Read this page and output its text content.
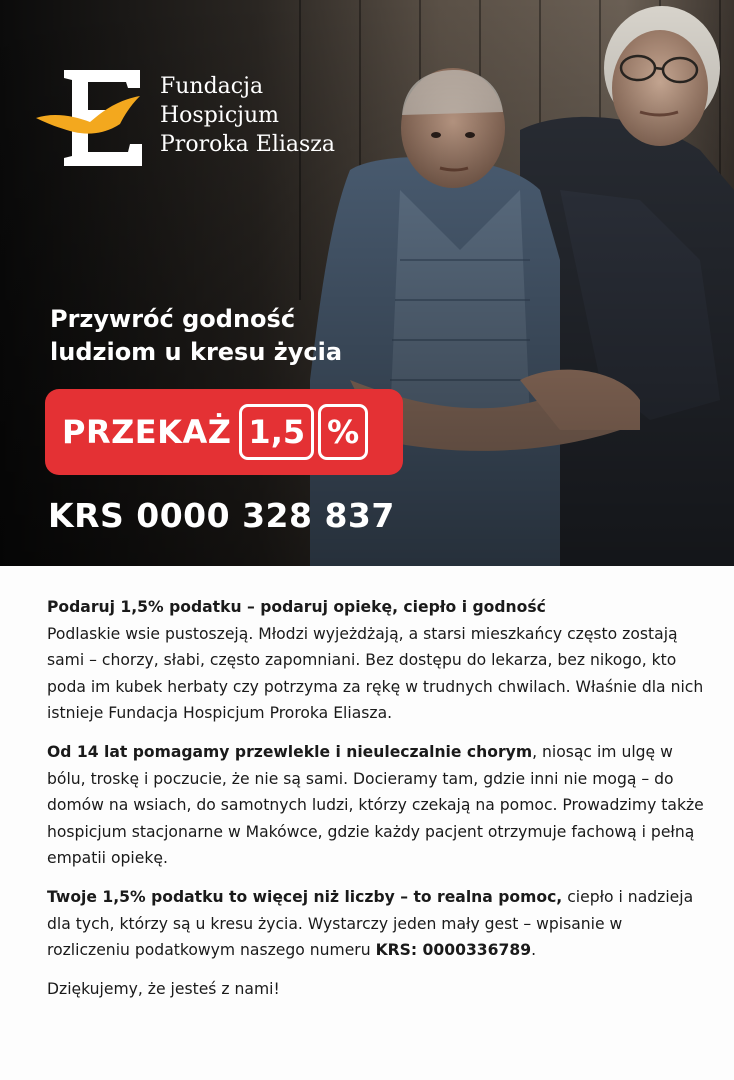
Fundacja
Hospicjum
Proroka Eliasza
Przywróć godność
ludziom u kresu życia
PRZEKAŻ 1,5 %
KRS 0000 328 837

Podaruj 1,5% podatku – podaruj opiekę, ciepło i godność
Podlaskie wsie pustoszeją. Młodzi wyjeżdżają, a starsi mieszkańcy często zostają sami – chorzy, słabi, często zapomniani. Bez dostępu do lekarza, bez nikogo, kto poda im kubek herbaty czy potrzyma za rękę w trudnych chwilach. Właśnie dla nich istnieje Fundacja Hospicjum Proroka Eliasza.

Od 14 lat pomagamy przewlekle i nieuleczalnie chorym, niosąc im ulgę w bólu, troskę i poczucie, że nie są sami. Docieramy tam, gdzie inni nie mogą – do domów na wsiach, do samotnych ludzi, którzy czekają na pomoc. Prowadzimy także hospicjum stacjonarne w Makówce, gdzie każdy pacjent otrzymuje fachową i pełną empatii opiekę.

Twoje 1,5% podatku to więcej niż liczby – to realna pomoc, ciepło i nadzieja dla tych, którzy są u kresu życia. Wystarczy jeden mały gest – wpisanie w rozliczeniu podatkowym naszego numeru KRS: 0000336789.

Dziękujemy, że jesteś z nami!
